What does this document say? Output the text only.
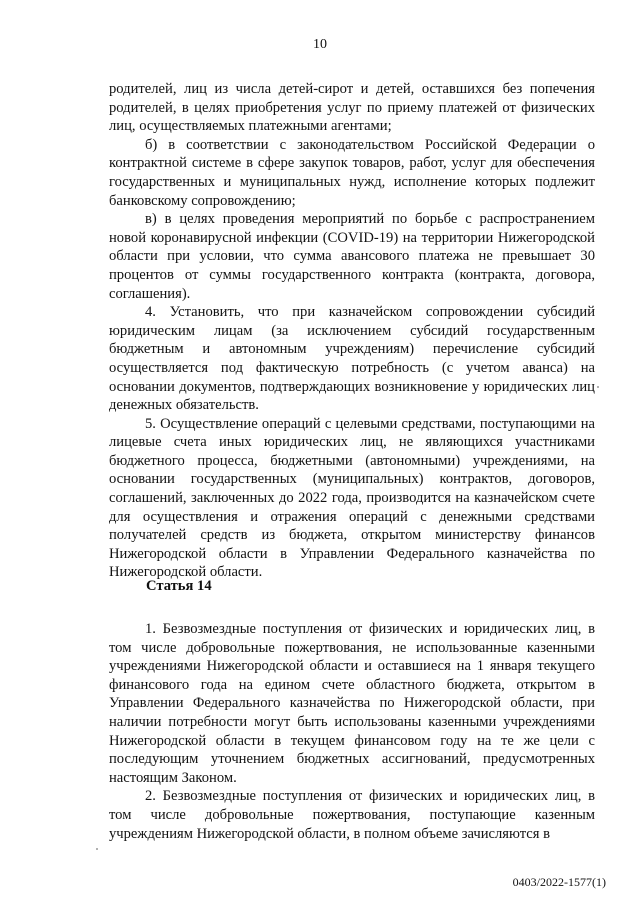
10

родителей, лиц из числа детей-сирот и детей, оставшихся без попечения родителей, в целях приобретения услуг по приему платежей от физических лиц, осуществляемых платежными агентами;

б) в соответствии с законодательством Российской Федерации о контрактной системе в сфере закупок товаров, работ, услуг для обеспечения государственных и муниципальных нужд, исполнение которых подлежит банковскому сопровождению;

в) в целях проведения мероприятий по борьбе с распространением новой коронавирусной инфекции (COVID-19) на территории Нижегородской области при условии, что сумма авансового платежа не превышает 30 процентов от суммы государственного контракта (контракта, договора, соглашения).

4. Установить, что при казначейском сопровождении субсидий юридическим лицам (за исключением субсидий государственным бюджетным и автономным учреждениям) перечисление субсидий осуществляется под фактическую потребность (с учетом аванса) на основании документов, подтверждающих возникновение у юридических лиц денежных обязательств.

5. Осуществление операций с целевыми средствами, поступающими на лицевые счета иных юридических лиц, не являющихся участниками бюджетного процесса, бюджетными (автономными) учреждениями, на основании государственных (муниципальных) контрактов, договоров, соглашений, заключенных до 2022 года, производится на казначейском счете для осуществления и отражения операций с денежными средствами получателей средств из бюджета, открытом министерству финансов Нижегородской области в Управлении Федерального казначейства по Нижегородской области.

Статья 14

1. Безвозмездные поступления от физических и юридических лиц, в том числе добровольные пожертвования, не использованные казенными учреждениями Нижегородской области и оставшиеся на 1 января текущего финансового года на едином счете областного бюджета, открытом в Управлении Федерального казначейства по Нижегородской области, при наличии потребности могут быть использованы казенными учреждениями Нижегородской области в текущем финансовом году на те же цели с последующим уточнением бюджетных ассигнований, предусмотренных настоящим Законом.

2. Безвозмездные поступления от физических и юридических лиц, в том числе добровольные пожертвования, поступающие казенным учреждениям Нижегородской области, в полном объеме зачисляются в

0403/2022-1577(1)
